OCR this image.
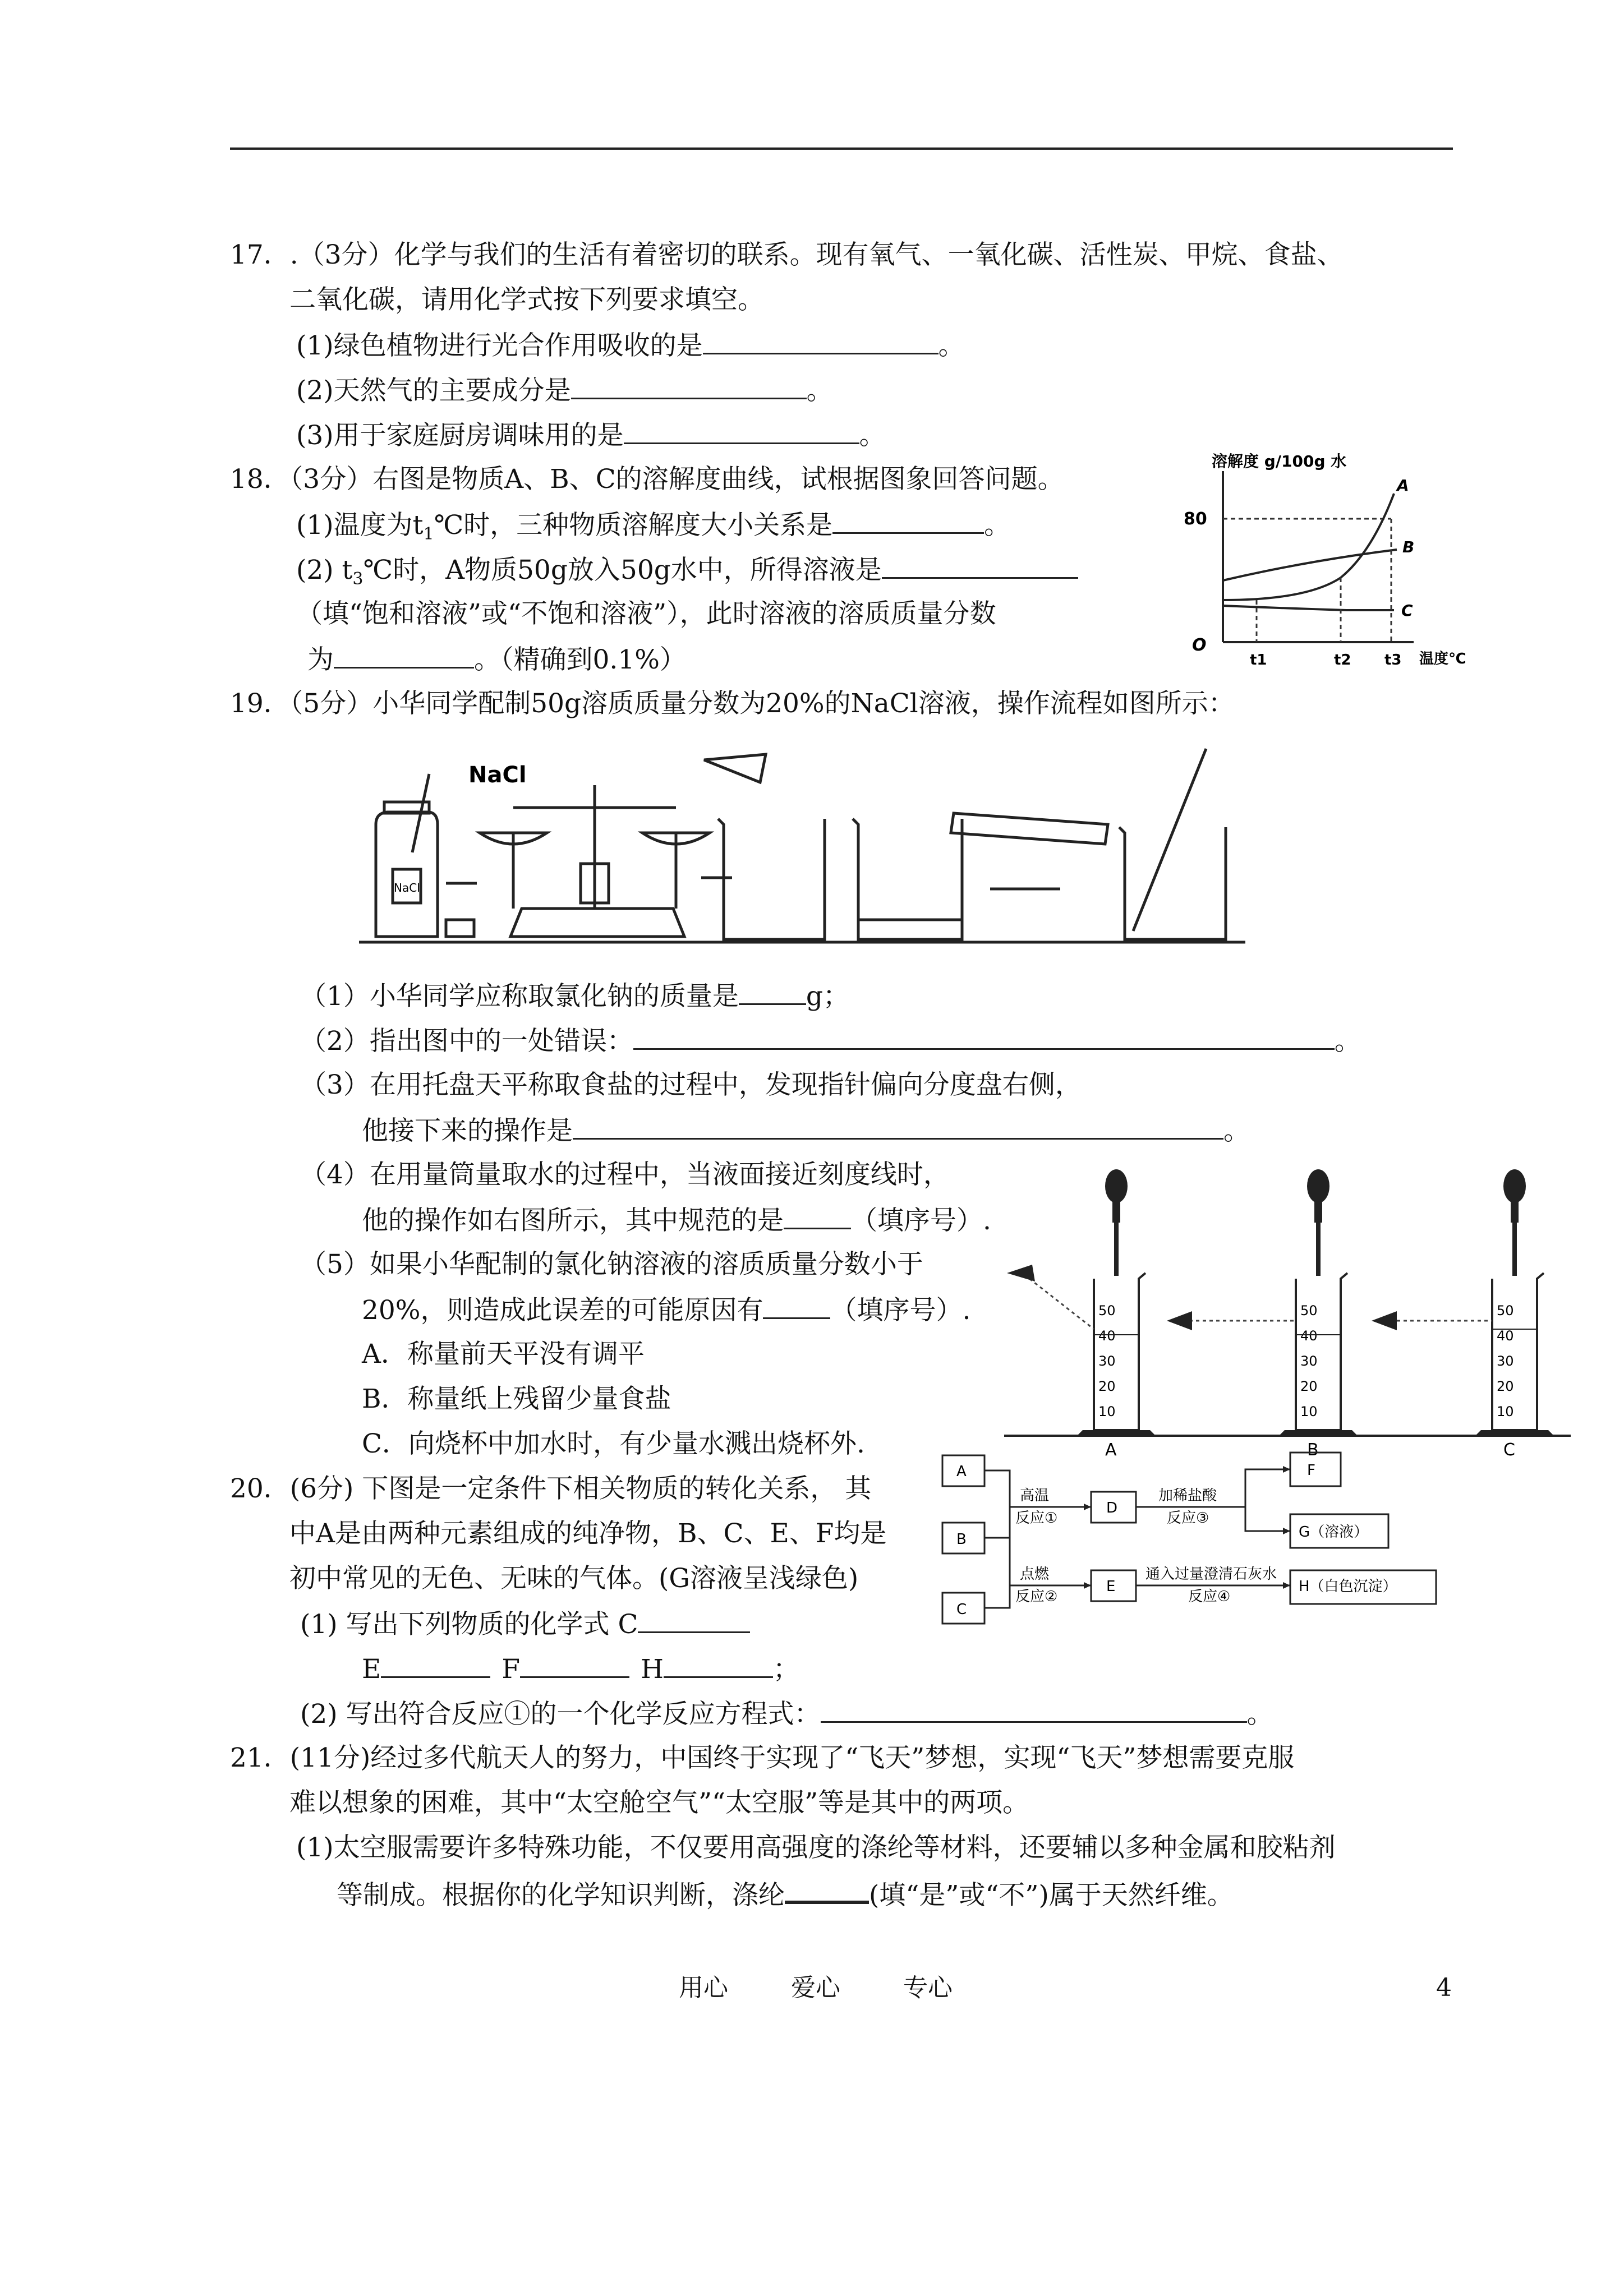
17．.（3分）化学与我们的生活有着密切的联系。现有氧气、一氧化碳、活性炭、甲烷、食盐、
二氧化碳，请用化学式按下列要求填空。
(1)绿色植物进行光合作用吸收的是	。
(2)天然气的主要成分是	。
(3)用于家庭厨房调味用的是	。
18．（3分）右图是物质A、B、C的溶解度曲线，试根据图象回答问题。
(1)温度为$t_1℃$时，三种物质溶解度大小关系是	。
(2) $t_3℃$时，A物质50g放入50g水中，所得溶液是
（填“饱和溶液”或“不饱和溶液”），此时溶液的溶质质量分数
为	。（精确到0.1%）
溶解度 g/100g 水
80
O
A
B
C
t1	t2 t3 温度℃
19．（5分）小华同学配制50g溶质质量分数为20%的NaCl溶液，操作流程如图所示：
NaCl
NaCl
（1）小华同学应称取氯化钠的质量是	g；
（2）指出图中的一处错误：	。
（3）在用托盘天平称取食盐的过程中，发现指针偏向分度盘右侧，
他接下来的操作是	。
（4）在用量筒量取水的过程中，当液面接近刻度线时，
他的操作如右图所示，其中规范的是	（填序号）.
（5）如果小华配制的氯化钠溶液的溶质质量分数小于
20%，则造成此误差的可能原因有	（填序号）.
A．称量前天平没有调平
B．称量纸上残留少量食盐
C．向烧杯中加水时，有少量水溅出烧杯外.
50
40
30
20
10
50
40
30
20
10
50
40
30
20
10
A	B	C
20．(6分) 下图是一定条件下相关物质的转化关系， 其
中A是由两种元素组成的纯净物，B、C、E、F均是
初中常见的无色、无味的气体。(G溶液呈浅绿色)
(1) 写出下列物质的化学式 C
E	F	H	；
(2) 写出符合反应①的一个化学反应方程式：	。
A
B
C
D
E
F
G（溶液）
H（白色沉淀）
高温
反应①
点燃
反应②
加稀盐酸
反应③
通入过量澄清石灰水
反应④
21．(11分)经过多代航天人的努力，中国终于实现了“飞天”梦想，实现“飞天”梦想需要克服
难以想象的困难，其中“太空舱空气”“太空服”等是其中的两项。
(1)太空服需要许多特殊功能，不仅要用高强度的涤纶等材料，还要辅以多种金属和胶粘剂
等制成。根据你的化学知识判断，涤纶	(填“是”或“不”)属于天然纤维。
用心	爱心	专心	4
